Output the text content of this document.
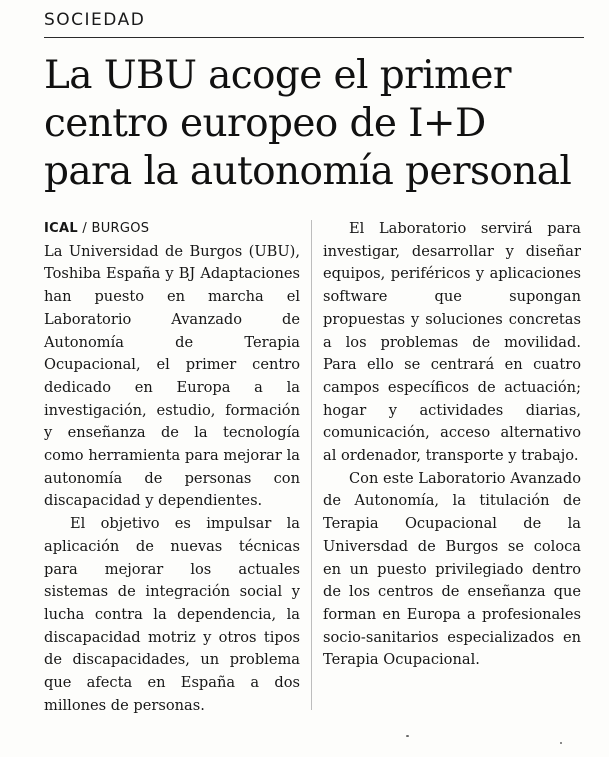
SOCIEDAD
La UBU acoge el primer
centro europeo de I+D
para la autonomía personal
ICAL / BURGOS

La Universidad de Burgos (UBU), Toshiba España y BJ Adaptaciones han puesto en marcha el Laboratorio Avanzado de Autonomía de Terapia Ocupacional, el primer centro dedicado en Europa a la investigación, estudio, formación y enseñanza de la tecnología como herramienta para mejorar la autonomía de personas con discapacidad y dependientes.

El objetivo es impulsar la aplicación de nuevas técnicas para mejorar los actuales sistemas de integración social y lucha contra la dependencia, la discapacidad motriz y otros tipos de discapacidades, un problema que afecta en España a dos millones de personas.

El Laboratorio servirá para investigar, desarrollar y diseñar equipos, periféricos y aplicaciones software que supongan propuestas y soluciones concretas a los problemas de movilidad. Para ello se centrará en cuatro campos específicos de actuación; hogar y actividades diarias, comunicación, acceso alternativo al ordenador, transporte y trabajo.

Con este Laboratorio Avanzado de Autonomía, la titulación de Terapia Ocupacional de la Universdad de Burgos se coloca en un puesto privilegiado dentro de los centros de enseñanza que forman en Europa a profesionales socio-sanitarios especializados en Terapia Ocupacional.
